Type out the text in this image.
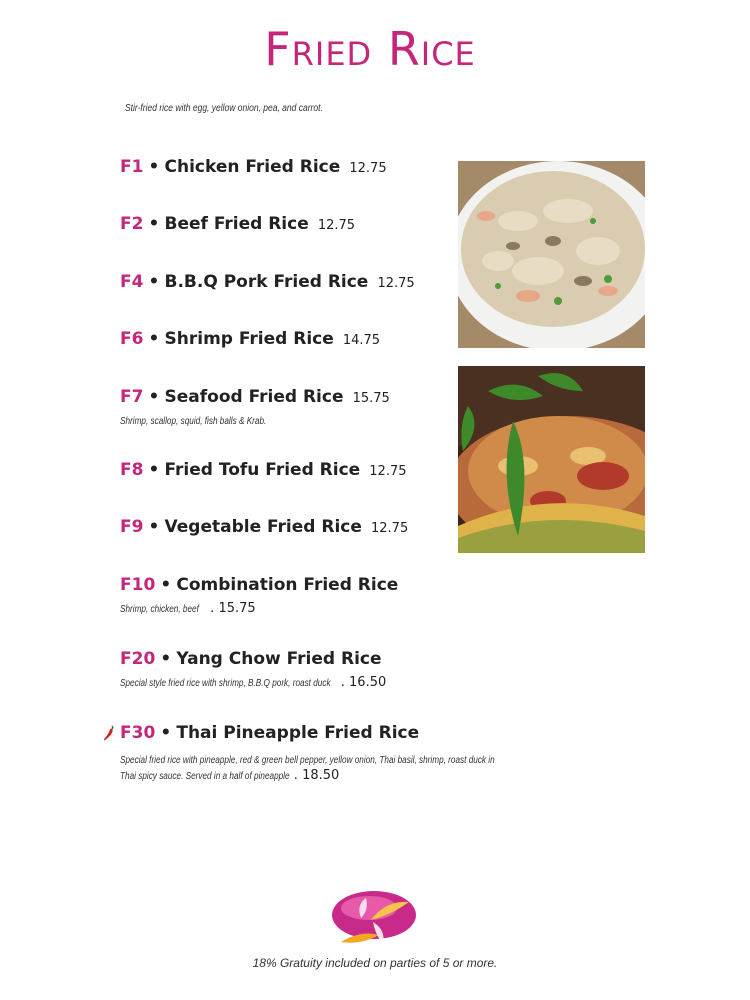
Fried Rice
Stir-fried rice with egg, yellow onion, pea, and carrot.
F1 • Chicken Fried Rice 12.75
F2 • Beef Fried Rice 12.75
F4 • B.B.Q Pork Fried Rice 12.75
F6 • Shrimp Fried Rice 14.75
F7 • Seafood Fried Rice 15.75
Shrimp, scallop, squid, fish balls & Krab.
F8 • Fried Tofu Fried Rice 12.75
F9 • Vegetable Fried Rice 12.75
F10 • Combination Fried Rice
Shrimp, chicken, beef . 15.75
F20 • Yang Chow Fried Rice
Special style fried rice with shrimp, B.B.Q pork, roast duck . 16.50
F30 • Thai Pineapple Fried Rice
Special fried rice with pineapple, red & green bell pepper, yellow onion, Thai basil, shrimp, roast duck in
Thai spicy sauce. Served in a half of pineapple . 18.50
18% Gratuity included on parties of 5 or more.
